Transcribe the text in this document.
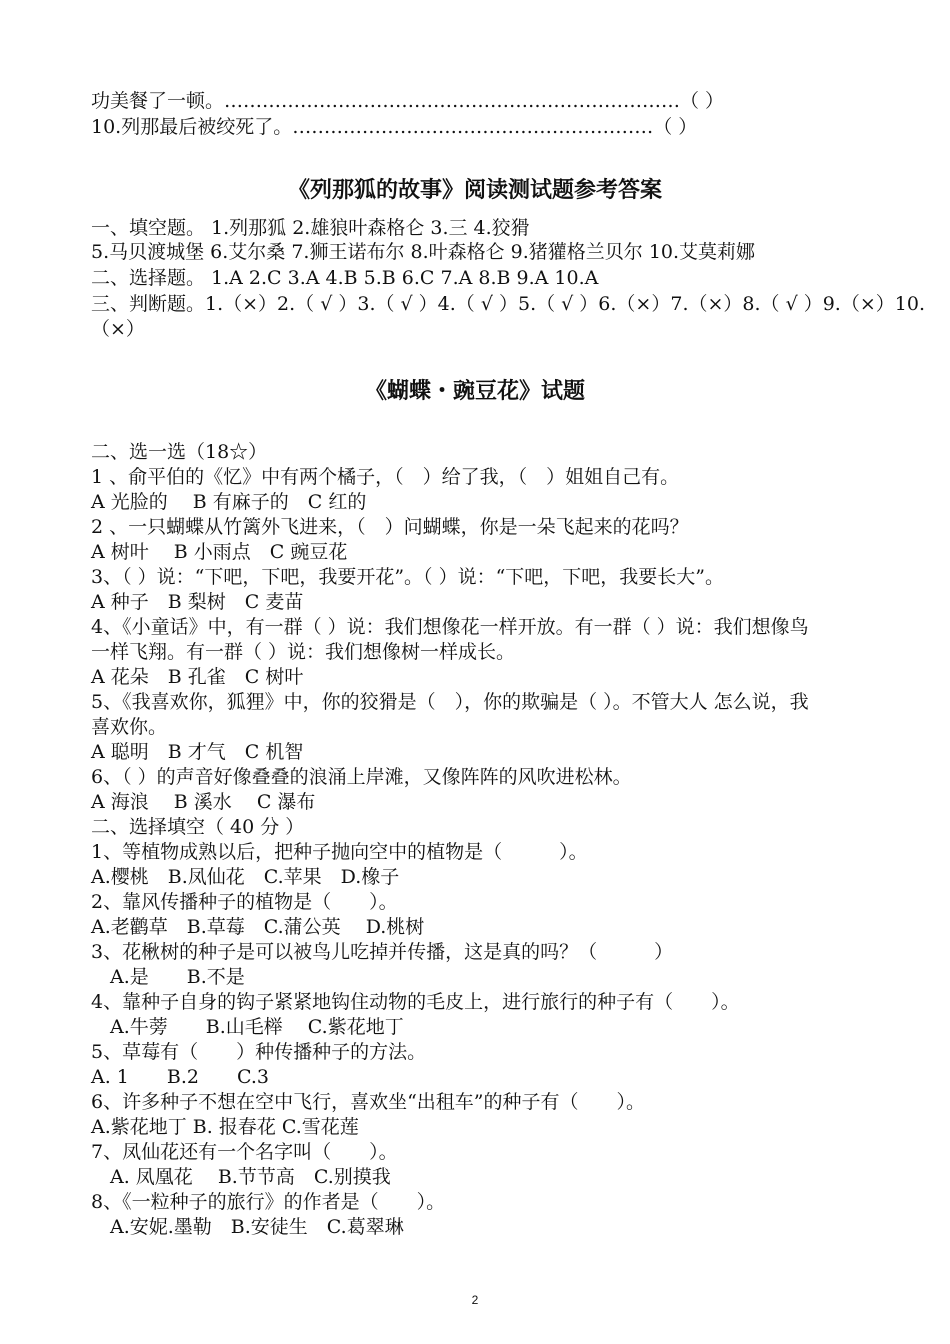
功美餐了一顿。………………………………………………………………（ ）
10.列那最后被绞死了。…………………………………………………（ ）
《列那狐的故事》阅读测试题参考答案
一、填空题。 1.列那狐 2.雄狼叶森格仑 3.三 4.狡猾
5.马贝渡城堡 6.艾尔桑 7.狮王诺布尔 8.叶森格仑 9.猪獾格兰贝尔 10.艾莫莉娜
二、选择题。 1.A 2.C 3.A 4.B 5.B 6.C 7.A 8.B 9.A 10.A
三、判断题。1.（×）2.（ √ ）3.（ √ ）4.（ √ ）5.（ √ ）6.（×）7.（×）8.（ √ ）9.（×）10.
（×）
《蝴蝶・豌豆花》试题
二、选一选（18☆）
1 、俞平伯的《忆》中有两个橘子，（　）给了我，（　）姐姐自己有。
A 光脸的　 B 有麻子的　C 红的
2 、一只蝴蝶从竹篱外飞进来，（　）问蝴蝶，你是一朵飞起来的花吗？
A 树叶　 B 小雨点　C 豌豆花
3、（ ）说：“下吧，下吧，我要开花”。（ ）说：“下吧，下吧，我要长大”。
A 种子　B 梨树　C 麦苗
4、《小童话》中，有一群（ ）说：我们想像花一样开放。有一群（ ）说：我们想像鸟
一样飞翔。有一群（ ）说：我们想像树一样成长。
A 花朵　B 孔雀　C 树叶
5、《我喜欢你，狐狸》中，你的狡猾是（　），你的欺骗是（ ）。不管大人 怎么说，我
喜欢你。
A 聪明　B 才气　C 机智
6、（ ）的声音好像叠叠的浪涌上岸滩，又像阵阵的风吹进松林。
A 海浪　 B 溪水　 C 瀑布
二、选择填空（ 40 分 ）
1、等植物成熟以后，把种子抛向空中的植物是（　　　）。
A.樱桃　B.凤仙花　C.苹果　D.橡子
2、靠风传播种子的植物是（　　）。
A.老鹳草　B.草莓　C.蒲公英　 D.桃树
3、花楸树的种子是可以被鸟儿吃掉并传播，这是真的吗？（　　　）
　A.是　　B.不是
4、靠种子自身的钩子紧紧地钩住动物的毛皮上，进行旅行的种子有（　　）。
　A.牛蒡　　B.山毛榉　 C.紫花地丁
5、草莓有（　　）种传播种子的方法。
A. 1　　B.2　　C.3
6、许多种子不想在空中飞行，喜欢坐“出租车”的种子有（　　）。
A.紫花地丁 B. 报春花 C.雪花莲
7、凤仙花还有一个名字叫（　　）。
　A. 凤凰花　 B.节节高　C.别摸我
8、《一粒种子的旅行》的作者是（　　）。
　A.安妮.墨勒　B.安徒生　C.葛翠琳
2
